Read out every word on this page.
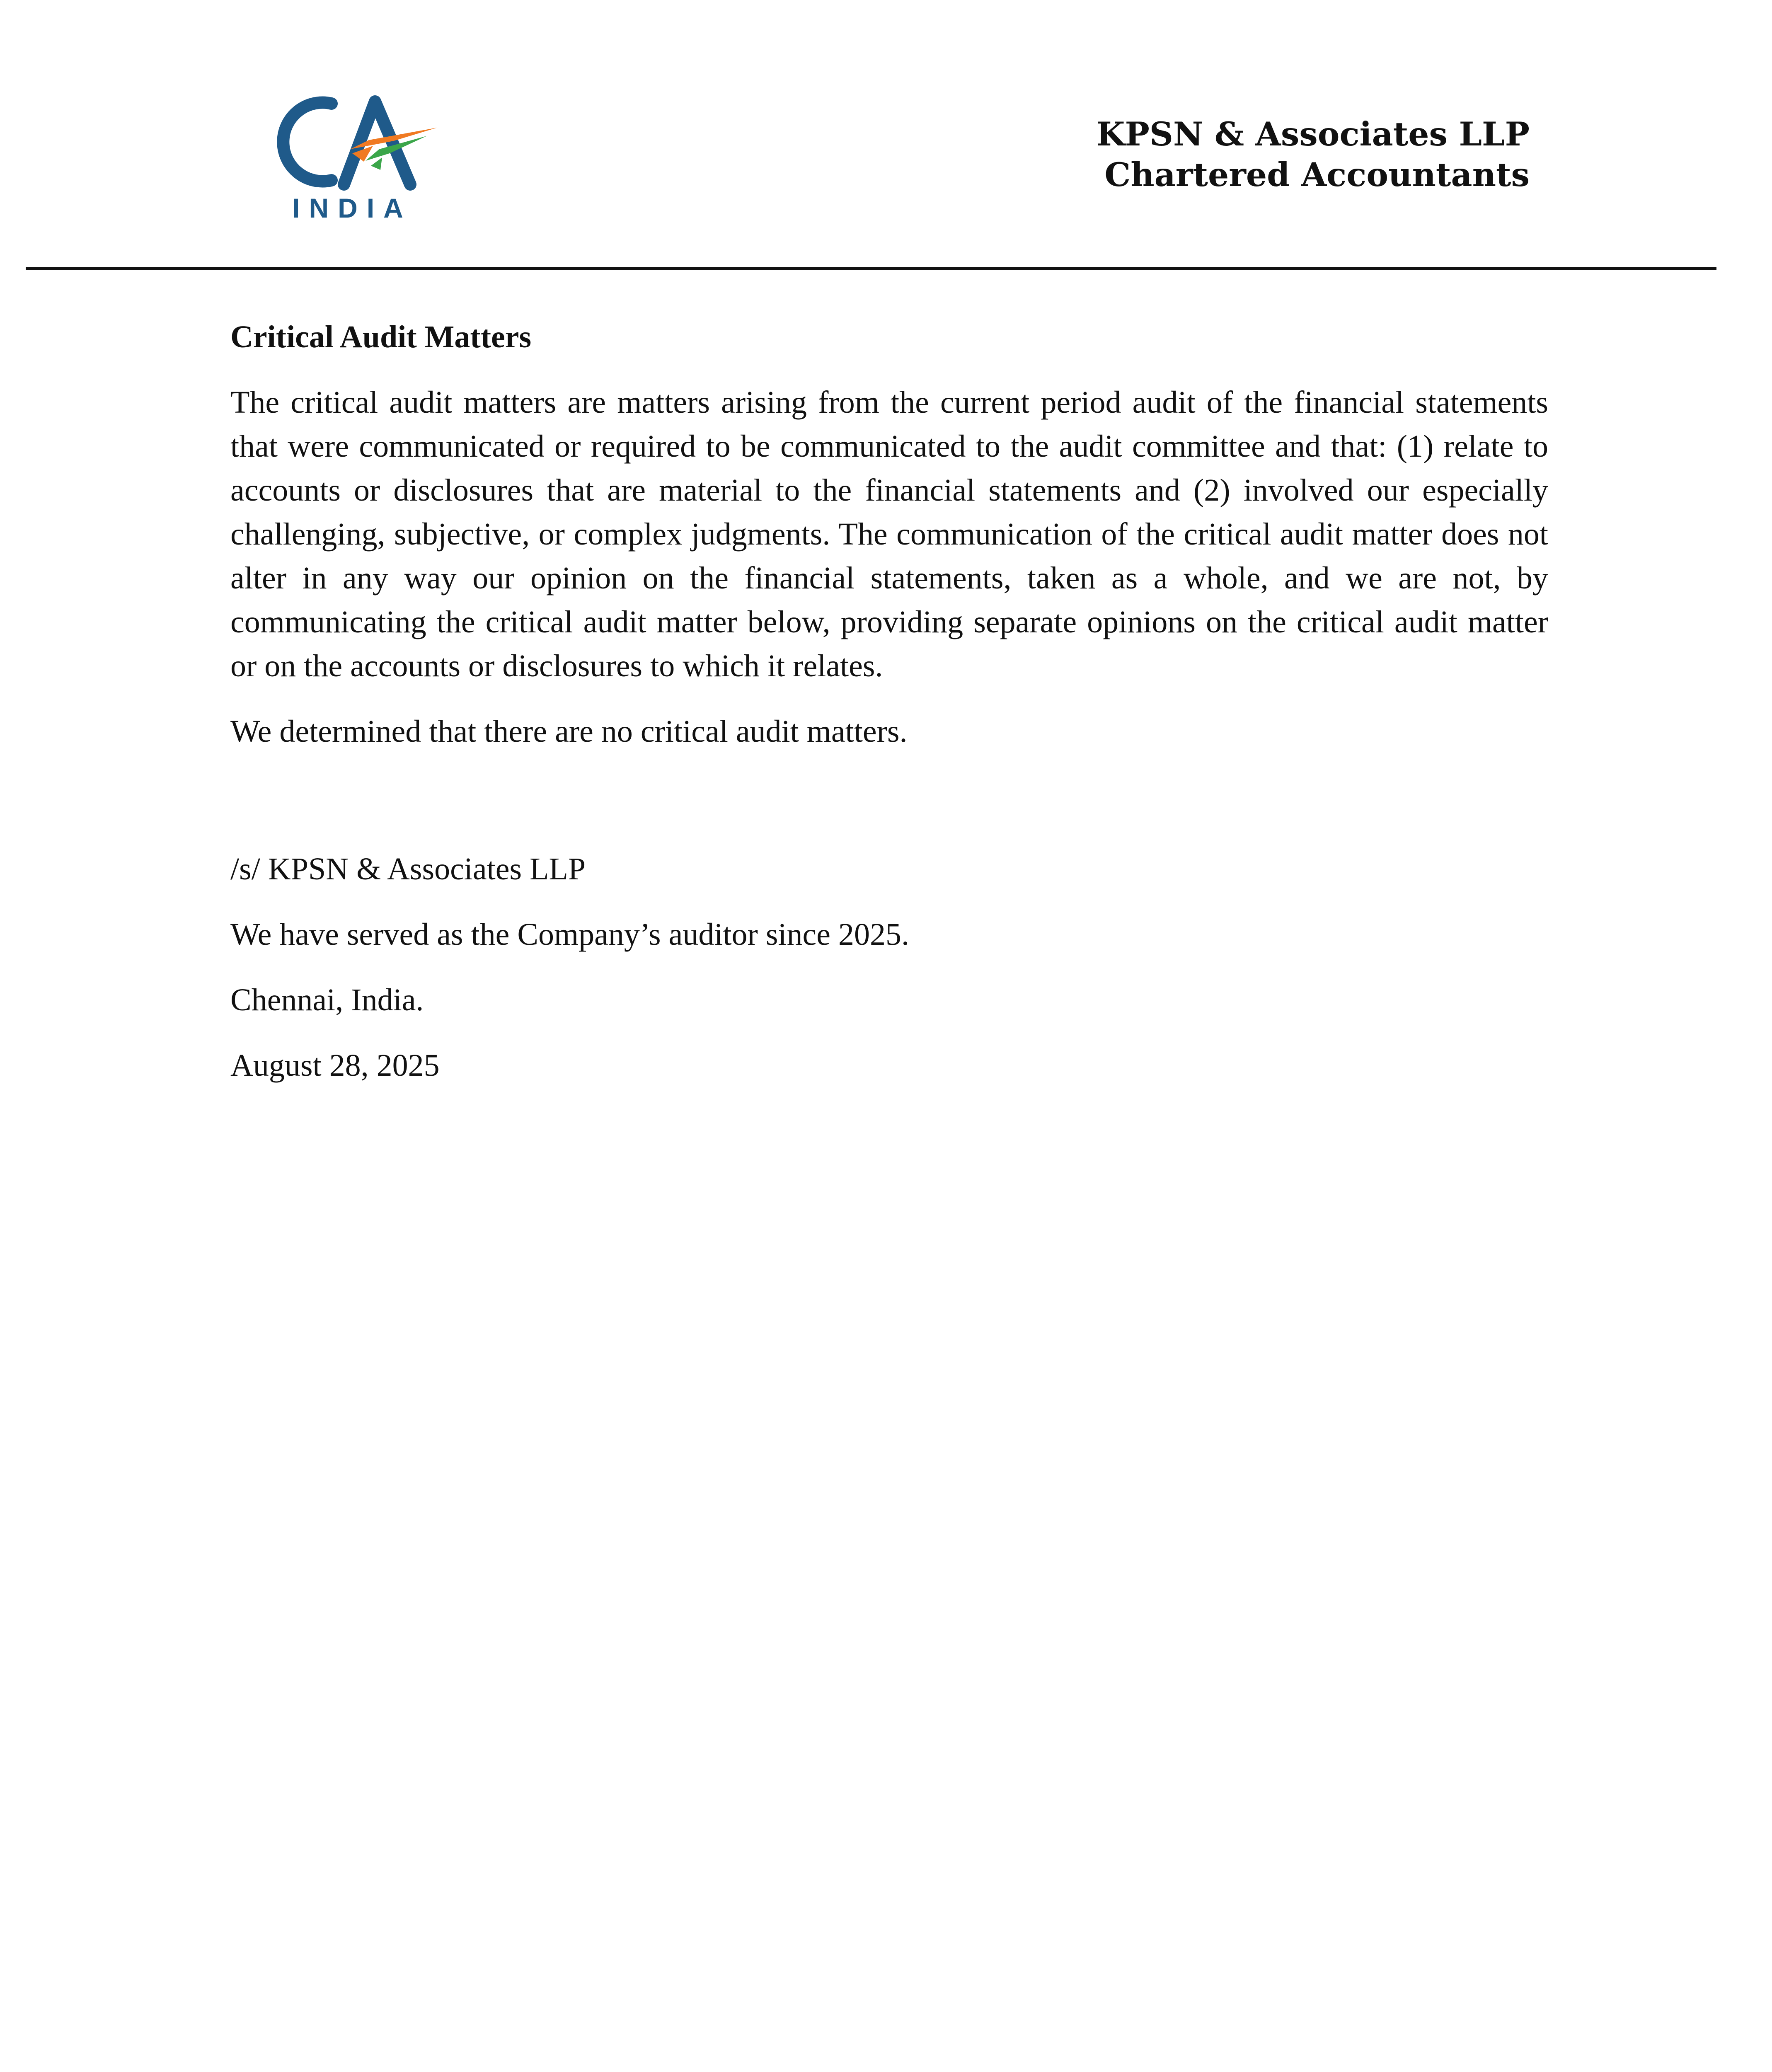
INDIA
KPSN & Associates LLP
Chartered Accountants
Critical Audit Matters
The critical audit matters are matters arising from the current period audit of the financial statements that were communicated or required to be communicated to the audit committee and that: (1) relate to accounts or disclosures that are material to the financial statements and (2) involved our especially challenging, subjective, or complex judgments. The communication of the critical audit matter does not alter in any way our opinion on the financial statements, taken as a whole, and we are not, by communicating the critical audit matter below, providing separate opinions on the critical audit matter or on the accounts or disclosures to which it relates.
We determined that there are no critical audit matters.
/s/ KPSN & Associates LLP
We have served as the Company’s auditor since 2025.
Chennai, India.
August 28, 2025
